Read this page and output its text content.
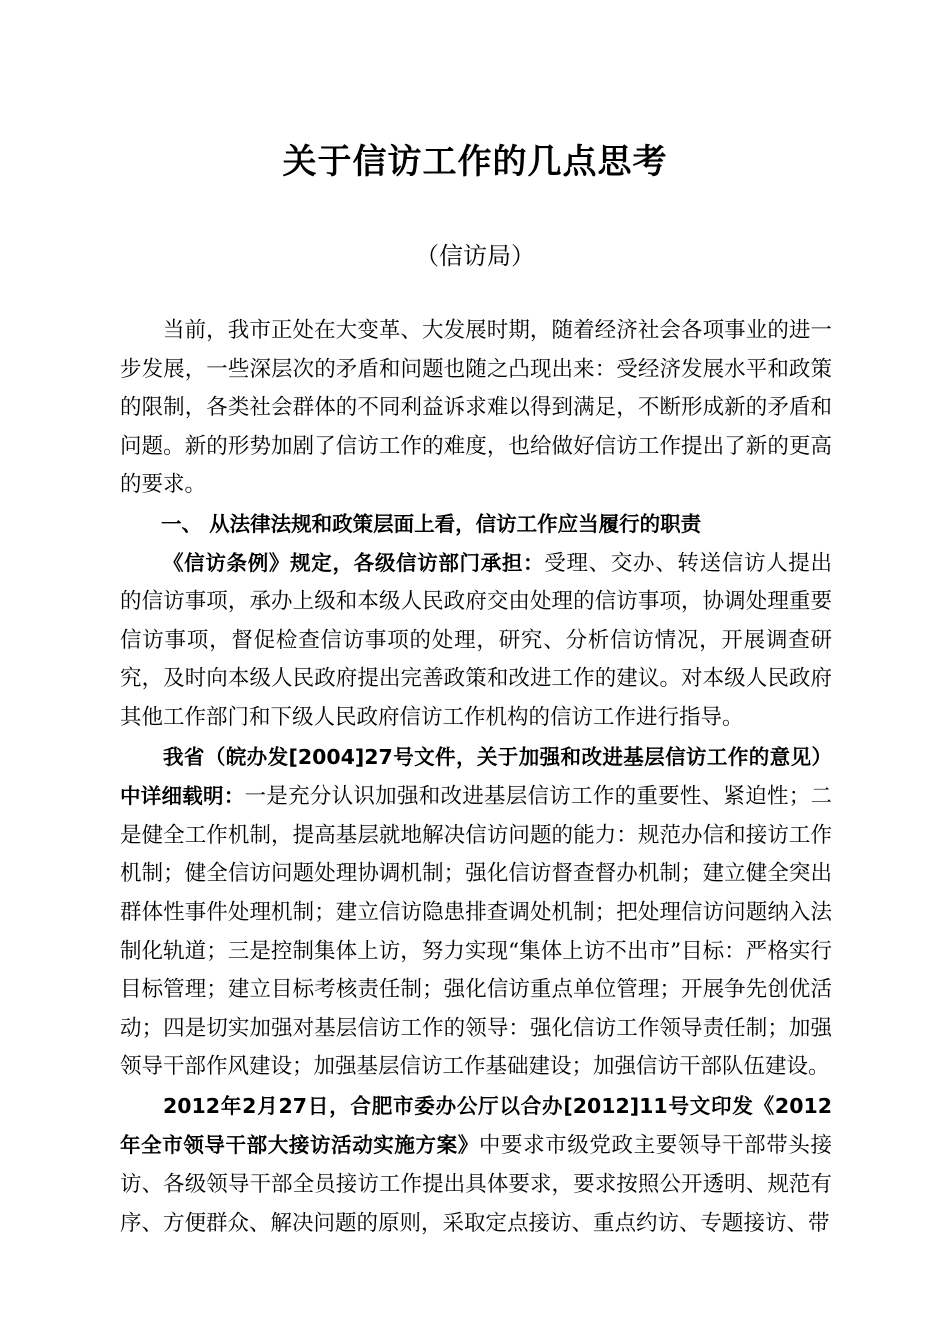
关于信访工作的几点思考
（信访局）

当前，我市正处在大变革、大发展时期，随着经济社会各项事业的进一步发展，一些深层次的矛盾和问题也随之凸现出来：受经济发展水平和政策的限制，各类社会群体的不同利益诉求难以得到满足，不断形成新的矛盾和问题。新的形势加剧了信访工作的难度，也给做好信访工作提出了新的更高的要求。

一、 从法律法规和政策层面上看，信访工作应当履行的职责

《信访条例》规定，各级信访部门承担：受理、交办、转送信访人提出的信访事项，承办上级和本级人民政府交由处理的信访事项，协调处理重要信访事项，督促检查信访事项的处理，研究、分析信访情况，开展调查研究，及时向本级人民政府提出完善政策和改进工作的建议。对本级人民政府其他工作部门和下级人民政府信访工作机构的信访工作进行指导。

我省（皖办发[2004]27号文件，关于加强和改进基层信访工作的意见）中详细载明：一是充分认识加强和改进基层信访工作的重要性、紧迫性；二是健全工作机制，提高基层就地解决信访问题的能力：规范办信和接访工作机制；健全信访问题处理协调机制；强化信访督查督办机制；建立健全突出群体性事件处理机制；建立信访隐患排查调处机制；把处理信访问题纳入法制化轨道；三是控制集体上访，努力实现“集体上访不出市”目标：严格实行目标管理；建立目标考核责任制；强化信访重点单位管理；开展争先创优活动；四是切实加强对基层信访工作的领导：强化信访工作领导责任制；加强领导干部作风建设；加强基层信访工作基础建设；加强信访干部队伍建设。

2012年2月27日，合肥市委办公厅以合办[2012]11号文印发《2012年全市领导干部大接访活动实施方案》中要求市级党政主要领导干部带头接访、各级领导干部全员接访工作提出具体要求，要求按照公开透明、规范有序、方便群众、解决问题的原则，采取定点接访、重点约访、专题接访、带
